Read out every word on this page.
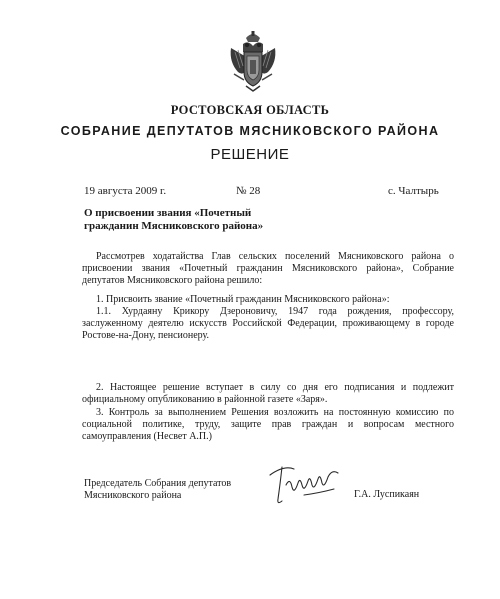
РОСТОВСКАЯ ОБЛАСТЬ

СОБРАНИЕ ДЕПУТАТОВ МЯСНИКОВСКОГО РАЙОНА

РЕШЕНИЕ

19 августа 2009 г.	№ 28	с. Чалтырь
О присвоении звания «Почетный
гражданин Мясниковского района»

Рассмотрев ходатайства Глав сельских поселений Мясниковского района о присвоении звания «Почетный гражданин Мясниковского района», Собрание депутатов Мясниковского района решило:

1. Присвоить звание «Почетный гражданин Мясниковского района»:

1.1. Хурдаяну Крикору Дзероновичу, 1947 года рождения, профессору, заслуженному деятелю искусств Российской Федерации, проживающему в городе Ростове-на-Дону, пенсионеру.

2. Настоящее решение вступает в силу со дня его подписания и подлежит официальному опубликованию в районной газете «Заря».

3. Контроль за выполнением Решения возложить на постоянную комиссию по социальной политике, труду, защите прав граждан и вопросам местного самоуправления (Несвет А.П.)

Председатель Собрания депутатов
Мясниковского района	Г.А. Луспикаян
